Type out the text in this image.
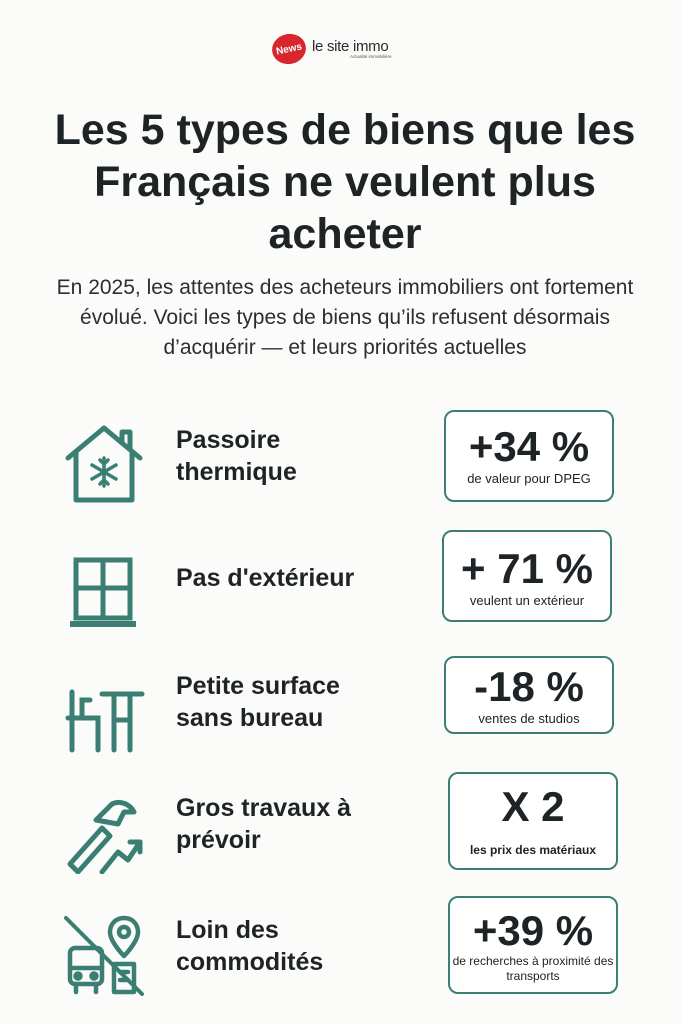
News le site immo
Actualité immobilière
Les 5 types de biens que les Français ne veulent plus acheter

En 2025, les attentes des acheteurs immobiliers ont fortement évolué. Voici les types de biens qu’ils refusent désormais d’acquérir — et leurs priorités actuelles

Passoire thermique
+34 %
de valeur pour DPEG
Pas d'extérieur	+ 71 %
veulent un extérieur
Petite surface sans bureau
-18 %
ventes de studios
Gros travaux à prévoir
X 2
les prix des matériaux
Loin des commodités
+39 %
de recherches à proximité des transports
